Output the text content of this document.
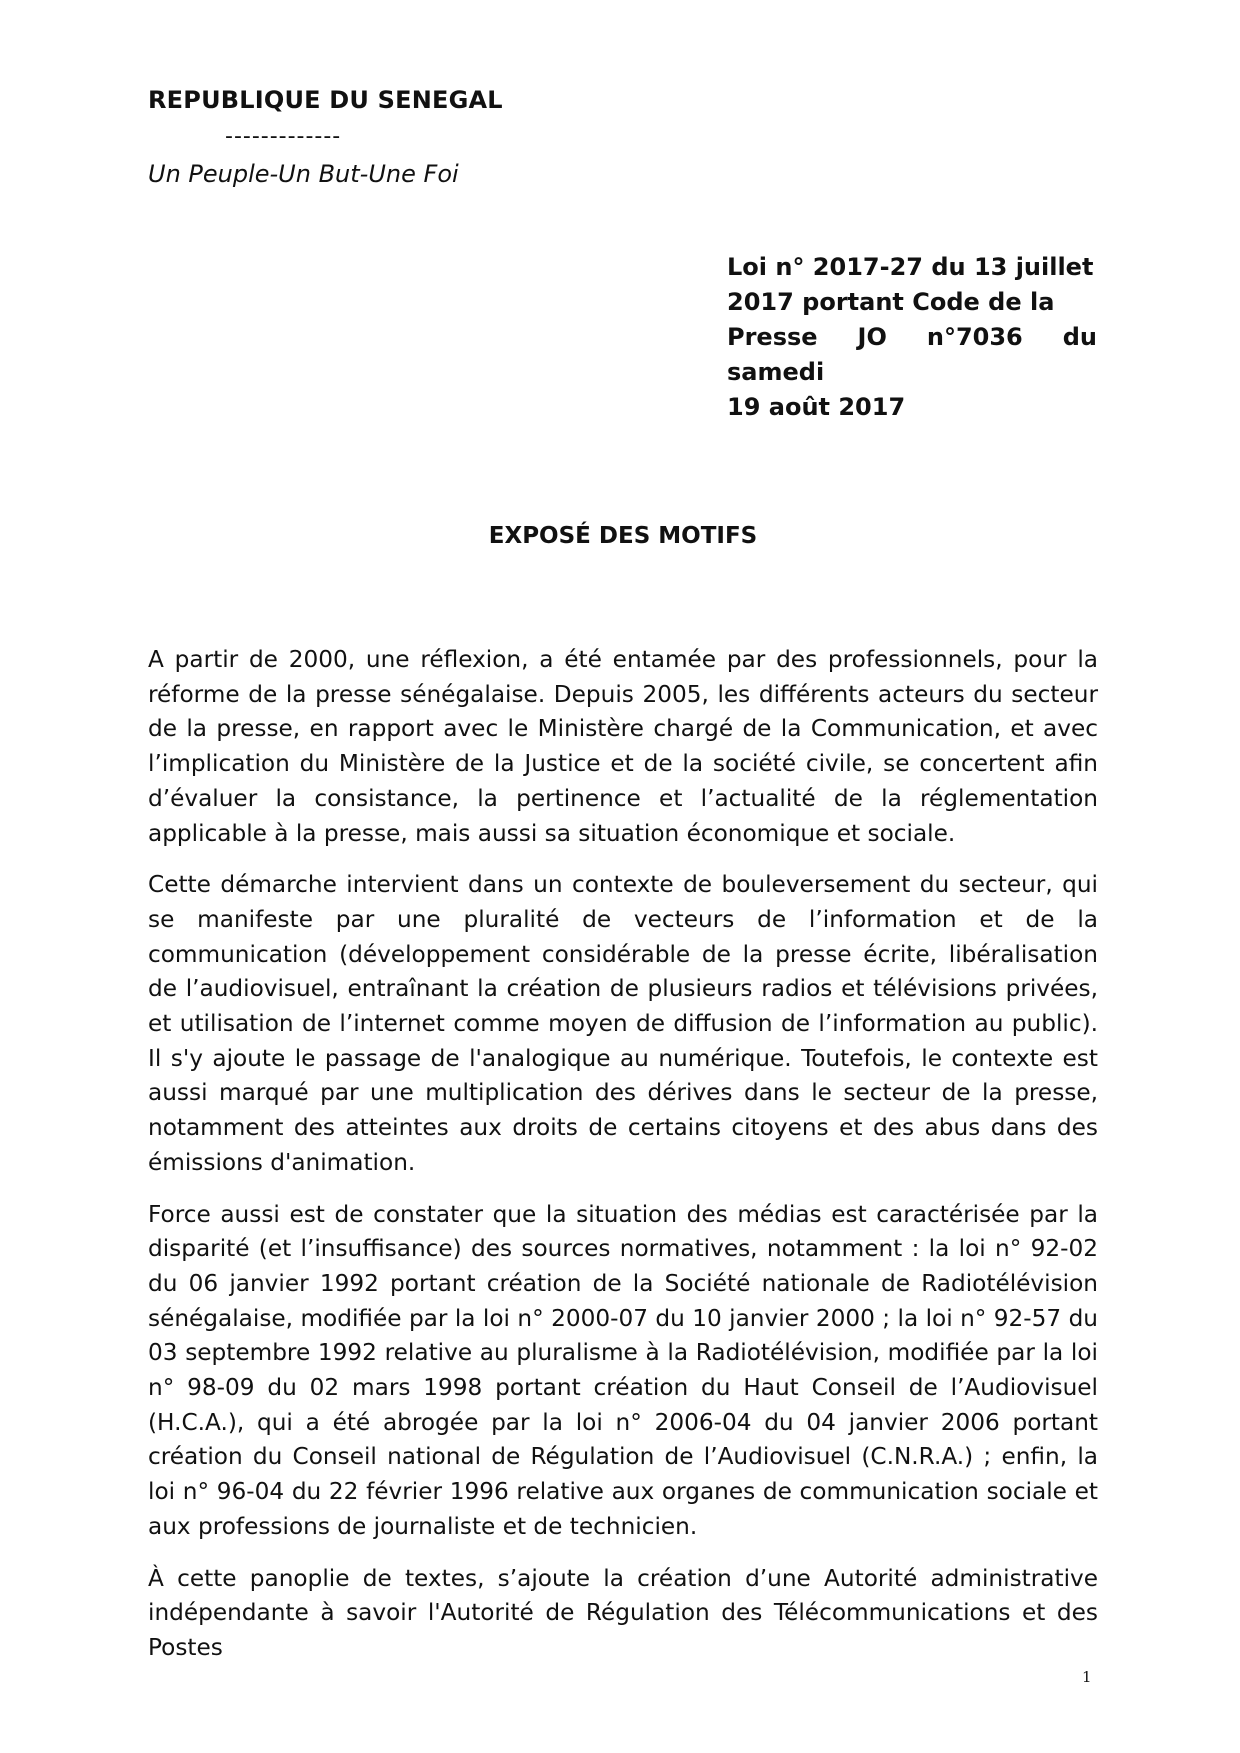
REPUBLIQUE DU SENEGAL
-------------
Un Peuple-Un But-Une Foi

Loi n° 2017-27 du 13 juillet

2017 portant Code de la

Presse JO n°7036 du samedi

19 août 2017

EXPOSÉ DES MOTIFS

A partir de 2000, une réflexion, a été entamée par des professionnels, pour la réforme de la presse sénégalaise. Depuis 2005, les différents acteurs du secteur de la presse, en rapport avec le Ministère chargé de la Communication, et avec l’implication du Ministère de la Justice et de la société civile, se concertent afin d’évaluer la consistance, la pertinence et l’actualité de la réglementation applicable à la presse, mais aussi sa situation économique et sociale.

Cette démarche intervient dans un contexte de bouleversement du secteur, qui se manifeste par une pluralité de vecteurs de l’information et de la communication (développement considérable de la presse écrite, libéralisation de l’audiovisuel, entraînant la création de plusieurs radios et télévisions privées, et utilisation de l’internet comme moyen de diffusion de l’information au public). Il s'y ajoute le passage de l'analogique au numérique. Toutefois, le contexte est aussi marqué par une multiplication des dérives dans le secteur de la presse, notamment des atteintes aux droits de certains citoyens et des abus dans des émissions d'animation.

Force aussi est de constater que la situation des médias est caractérisée par la disparité (et l’insuffisance) des sources normatives, notamment : la loi n° 92-02 du 06 janvier 1992 portant création de la Société nationale de Radiotélévision sénégalaise, modifiée par la loi n° 2000-07 du 10 janvier 2000 ; la loi n° 92-57 du 03 septembre 1992 relative au pluralisme à la Radiotélévision, modifiée par la loi n° 98-09 du 02 mars 1998 portant création du Haut Conseil de l’Audiovisuel (H.C.A.), qui a été abrogée par la loi n° 2006-04 du 04 janvier 2006 portant création du Conseil national de Régulation de l’Audiovisuel (C.N.R.A.) ; enfin, la loi n° 96-04 du 22 février 1996 relative aux organes de communication sociale et aux professions de journaliste et de technicien.

À cette panoplie de textes, s’ajoute la création d’une Autorité administrative indépendante à savoir l'Autorité de Régulation des Télécommunications et des Postes

1
